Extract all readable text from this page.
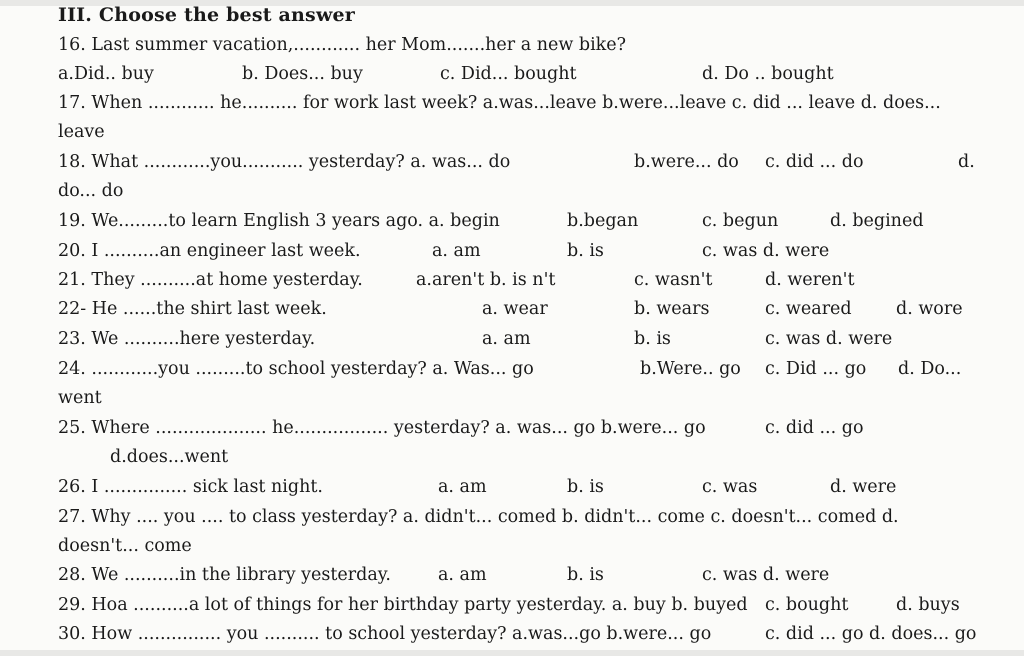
III. Choose the best answer
16. Last summer vacation,............ her Mom.......her a new bike?
a.Did.. buy	b. Does... buy	c. Did... bought	d. Do .. bought
17. When ............ he.......... for work last week? a.was...leave b.were...leave c. did ... leave d. does...
leave
18. What ............you........... yesterday? a. was... do	b.were... do c. did ... do	d.
do... do
19. We.........to learn English 3 years ago. a. begin	b.began	c. begun	d. begined
20. I ..........an engineer last week.	a. am	b. is	c. was d. were
21. They ..........at home yesterday.	a.aren't b. is n't	c. wasn't	d. weren't
22- He ......the shirt last week.	a. wear	b. wears	c. weared	d. wore
23. We ..........here yesterday.	a. am	b. is	c. was d. were
24. ............you .........to school yesterday? a. Was... go	b.Were.. go c. Did ... go d. Do...
went
25. Where .................... he................. yesterday? a. was... go b.were... go	c. did ... go
d.does...went
26. I ............... sick last night.	a. am	b. is	c. was	d. were
27. Why .... you .... to class yesterday? a. didn't... comed b. didn't... come c. doesn't... comed d.
doesn't... come
28. We ..........in the library yesterday.	a. am	b. is	c. was d. were
29. Hoa ..........a lot of things for her birthday party yesterday. a. buy b. buyed c. bought	d. buys
30. How ............... you .......... to school yesterday? a.was...go b.were... go	c. did ... go d. does... go
